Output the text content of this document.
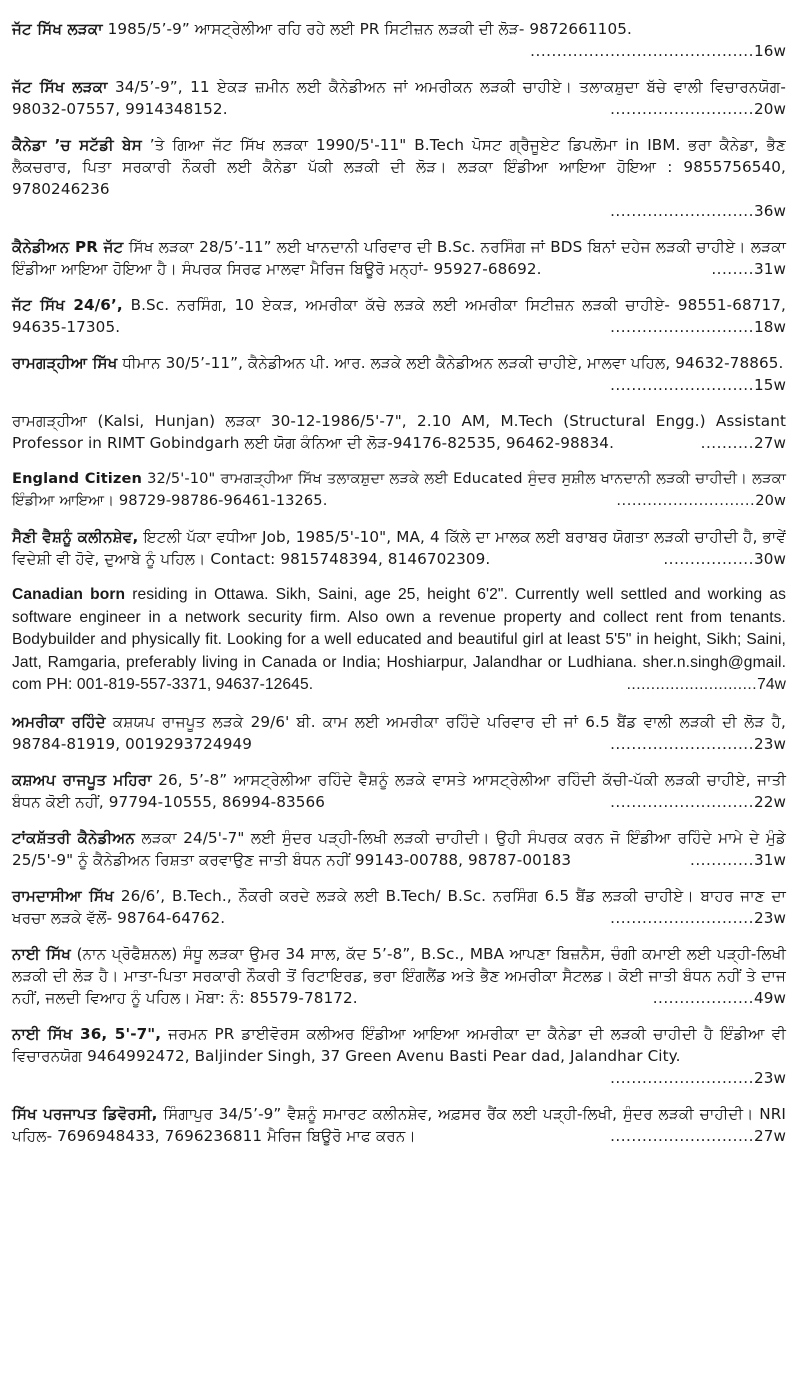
ਜੱਟ ਸਿੱਖ ਲੜਕਾ 1985/5’-9” ਆਸਟ੍ਰੇਲੀਆ ਰਹਿ ਰਹੇ ਲਈ PR ਸਿਟੀਜ਼ਨ ਲੜਕੀ ਦੀ ਲੋੜ- 9872661105.
.......................................... 16w
ਜੱਟ ਸਿੱਖ ਲੜਕਾ 34/5’-9”, 11 ਏਕੜ ਜ਼ਮੀਨ ਲਈ ਕੈਨੇਡੀਅਨ ਜਾਂ ਅਮਰੀਕਨ ਲੜਕੀ ਚਾਹੀਏ। ਤਲਾਕਸ਼ੁਦਾ ਬੱਚੇ ਵਾਲੀ ਵਿਚਾਰਨਯੋਗ- 98032-07557, 9914348152.	...........................20w
ਕੈਨੇਡਾ ’ਚ ਸਟੱਡੀ ਬੇਸ ’ਤੇ ਗਿਆ ਜੱਟ ਸਿੱਖ ਲੜਕਾ 1990/5'-11" B.Tech ਪੋਸਟ ਗ੍ਰੈਜੂਏਟ ਡਿਪਲੋਮਾ in IBM. ਭਰਾ ਕੈਨੇਡਾ, ਭੈਣ ਲੈਕਚਰਾਰ, ਪਿਤਾ ਸਰਕਾਰੀ ਨੌਕਰੀ ਲਈ ਕੈਨੇਡਾ ਪੱਕੀ ਲੜਕੀ ਦੀ ਲੋੜ। ਲੜਕਾ ਇੰਡੀਆ ਆਇਆ ਹੋਇਆ : 9855756540, 9780246236
........................... 36w
ਕੈਨੇਡੀਅਨ PR ਜੱਟ ਸਿੱਖ ਲੜਕਾ 28/5’-11” ਲਈ ਖਾਨਦਾਨੀ ਪਰਿਵਾਰ ਦੀ B.Sc. ਨਰਸਿੰਗ ਜਾਂ BDS ਬਿਨਾਂ ਦਹੇਜ ਲੜਕੀ ਚਾਹੀਏ। ਲੜਕਾ ਇੰਡੀਆ ਆਇਆ ਹੋਇਆ ਹੈ। ਸੰਪਰਕ ਸਿਰਫ ਮਾਲਵਾ ਮੈਰਿਜ ਬਿਊਰੋ ਮਨ੍ਹਾਂ- 95927-68692.	........31w
ਜੱਟ ਸਿੱਖ 24/6’, B.Sc. ਨਰਸਿੰਗ, 10 ਏਕੜ, ਅਮਰੀਕਾ ਕੱਚੇ ਲੜਕੇ ਲਈ ਅਮਰੀਕਾ ਸਿਟੀਜ਼ਨ ਲੜਕੀ ਚਾਹੀਏ- 98551-68717, 94635-17305.	...........................18w
ਰਾਮਗੜ੍ਹੀਆ ਸਿੱਖ ਧੀਮਾਨ 30/5’-11”, ਕੈਨੇਡੀਅਨ ਪੀ. ਆਰ. ਲੜਕੇ ਲਈ ਕੈਨੇਡੀਅਨ ਲੜਕੀ ਚਾਹੀਏ, ਮਾਲਵਾ ਪਹਿਲ, 94632-78865.
...........................15w
ਰਾਮਗੜ੍ਹੀਆ (Kalsi, Hunjan) ਲੜਕਾ 30-12-1986/5'-7", 2.10 AM, M.Tech (Structural Engg.) Assistant Professor in RIMT Gobindgarh ਲਈ ਯੋਗ ਕੰਨਿਆ ਦੀ ਲੋੜ-94176-82535, 96462-98834.	..........27w
England Citizen 32/5'-10" ਰਾਮਗੜ੍ਹੀਆ ਸਿੱਖ ਤਲਾਕਸ਼ੁਦਾ ਲੜਕੇ ਲਈ Educated ਸੁੰਦਰ ਸੁਸ਼ੀਲ ਖਾਨਦਾਨੀ ਲੜਕੀ ਚਾਹੀਦੀ। ਲੜਕਾ ਇੰਡੀਆ ਆਇਆ। 98729-98786-96461-13265.	...........................20w
ਸੈਣੀ ਵੈਸ਼ਨੂੰ ਕਲੀਨਸ਼ੇਵ, ਇਟਲੀ ਪੱਕਾ ਵਧੀਆ Job, 1985/5'-10", MA, 4 ਕਿੱਲੇ ਦਾ ਮਾਲਕ ਲਈ ਬਰਾਬਰ ਯੋਗਤਾ ਲੜਕੀ ਚਾਹੀਦੀ ਹੈ, ਭਾਵੇਂ ਵਿਦੇਸ਼ੀ ਵੀ ਹੋਵੇ, ਦੁਆਬੇ ਨੂੰ ਪਹਿਲ। Contact: 9815748394, 8146702309.	.................30w
Canadian born residing in Ottawa. Sikh, Saini, age 25, height 6'2". Currently well settled and working as software engineer in a network security firm. Also own a revenue property and collect rent from tenants. Bodybuilder and physically fit. Looking for a well educated and beautiful girl at least 5'5" in height, Sikh; Saini, Jatt, Ramgaria, preferably living in Canada or India; Hoshiarpur, Jalandhar or Ludhiana. sher.n.singh@gmail. com PH: 001-819-557-3371, 94637-12645.	...........................74w
ਅਮਰੀਕਾ ਰਹਿੰਦੇ ਕਸ਼ਯਪ ਰਾਜਪੂਤ ਲੜਕੇ 29/6' ਬੀ. ਕਾਮ ਲਈ ਅਮਰੀਕਾ ਰਹਿੰਦੇ ਪਰਿਵਾਰ ਦੀ ਜਾਂ 6.5 ਬੈਂਡ ਵਾਲੀ ਲੜਕੀ ਦੀ ਲੋੜ ਹੈ, 98784-81919, 0019293724949	...........................23w
ਕਸ਼ਅਪ ਰਾਜਪੂਤ ਮਹਿਰਾ 26, 5’-8” ਆਸਟ੍ਰੇਲੀਆ ਰਹਿੰਦੇ ਵੈਸ਼ਨੂੰ ਲੜਕੇ ਵਾਸਤੇ ਆਸਟ੍ਰੇਲੀਆ ਰਹਿੰਦੀ ਕੱਚੀ-ਪੱਕੀ ਲੜਕੀ ਚਾਹੀਏ, ਜਾਤੀ ਬੰਧਨ ਕੋਈ ਨਹੀਂ, 97794-10555, 86994-83566	...........................22w
ਟਾਂਕਸ਼ੱਤਰੀ ਕੈਨੇਡੀਅਨ ਲੜਕਾ 24/5'-7" ਲਈ ਸੁੰਦਰ ਪੜ੍ਹੀ-ਲਿਖੀ ਲੜਕੀ ਚਾਹੀਦੀ। ਉਹੀ ਸੰਪਰਕ ਕਰਨ ਜੋ ਇੰਡੀਆ ਰਹਿੰਦੇ ਮਾਮੇ ਦੇ ਮੁੰਡੇ 25/5'-9" ਨੂੰ ਕੈਨੇਡੀਅਨ ਰਿਸ਼ਤਾ ਕਰਵਾਉਣ ਜਾਤੀ ਬੰਧਨ ਨਹੀਂ 99143-00788, 98787-00183	............31w
ਰਾਮਦਾਸੀਆ ਸਿੱਖ 26/6’, B.Tech., ਨੌਕਰੀ ਕਰਦੇ ਲੜਕੇ ਲਈ B.Tech/ B.Sc. ਨਰਸਿੰਗ 6.5 ਬੈਂਡ ਲੜਕੀ ਚਾਹੀਏ। ਬਾਹਰ ਜਾਣ ਦਾ ਖਰਚਾ ਲੜਕੇ ਵੱਲੋਂ- 98764-64762.	...........................23w
ਨਾਈ ਸਿੱਖ (ਨਾਨ ਪ੍ਰੋਫੈਸ਼ਨਲ) ਸੰਧੂ ਲੜਕਾ ਉਮਰ 34 ਸਾਲ, ਕੱਦ 5’-8”, B.Sc., MBA ਆਪਣਾ ਬਿਜ਼ਨੈਸ, ਚੰਗੀ ਕਮਾਈ ਲਈ ਪੜ੍ਹੀ-ਲਿਖੀ ਲੜਕੀ ਦੀ ਲੋੜ ਹੈ। ਮਾਤਾ-ਪਿਤਾ ਸਰਕਾਰੀ ਨੌਕਰੀ ਤੋਂ ਰਿਟਾਇਰਡ, ਭਰਾ ਇੰਗਲੈਂਡ ਅਤੇ ਭੈਣ ਅਮਰੀਕਾ ਸੈਟਲਡ। ਕੋਈ ਜਾਤੀ ਬੰਧਨ ਨਹੀਂ ਤੇ ਦਾਜ ਨਹੀਂ, ਜਲਦੀ ਵਿਆਹ ਨੂੰ ਪਹਿਲ। ਮੋਬਾ: ਨੰ: 85579-78172.	...................49w
ਨਾਈ ਸਿੱਖ 36, 5'-7", ਜਰਮਨ PR ਡਾਈਵੋਰਸ ਕਲੀਅਰ ਇੰਡੀਆ ਆਇਆ ਅਮਰੀਕਾ ਦਾ ਕੈਨੇਡਾ ਦੀ ਲੜਕੀ ਚਾਹੀਦੀ ਹੈ ਇੰਡੀਆ ਵੀ ਵਿਚਾਰਨਯੋਗ 9464992472, Baljinder Singh, 37 Green Avenu Basti Pear dad, Jalandhar City.
...........................23w
ਸਿੱਖ ਪਰਜਾਪਤ ਡਿਵੋਰਸੀ, ਸਿੰਗਾਪੁਰ 34/5’-9” ਵੈਸ਼ਨੂੰ ਸਮਾਰਟ ਕਲੀਨਸ਼ੇਵ, ਅਫ਼ਸਰ ਰੈਂਕ ਲਈ ਪੜ੍ਹੀ-ਲਿਖੀ, ਸੁੰਦਰ ਲੜਕੀ ਚਾਹੀਦੀ। NRI ਪਹਿਲ- 7696948433, 7696236811 ਮੈਰਿਜ ਬਿਊਰੋ ਮਾਫ ਕਰਨ।	...........................27w
